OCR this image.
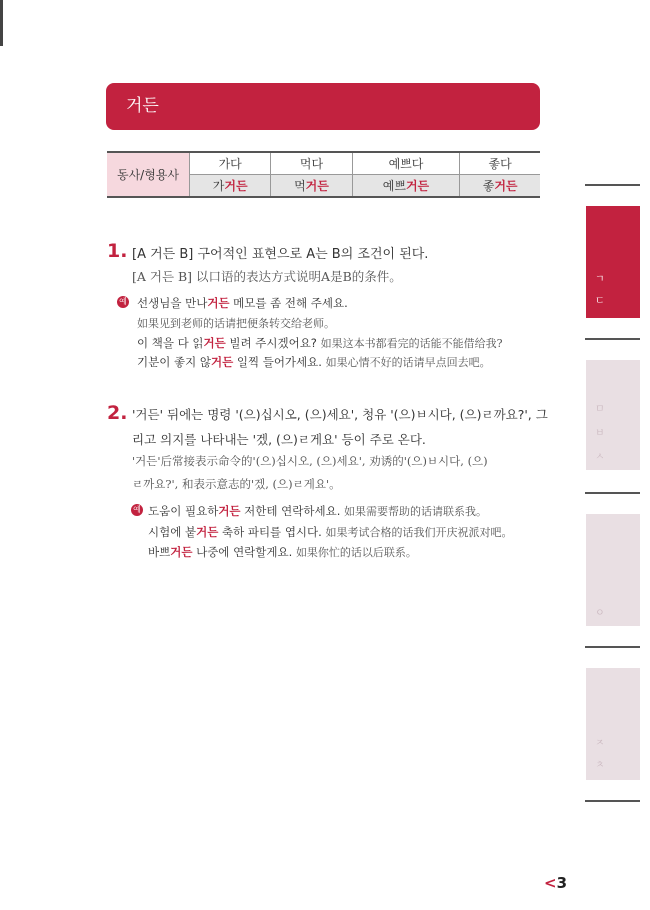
거든
동사/형용사	가다	먹다	예쁘다	좋다
	가거든	먹거든	예쁘거든	좋거든
1. [A 거든 B] 구어적인 표현으로 A는 B의 조건이 된다.
[A 거든 B] 以口语的表达方式说明A是B的条件。
예 선생님을 만나거든 메모를 좀 전해 주세요.
如果见到老师的话请把便条转交给老师。
이 책을 다 읽거든 빌려 주시겠어요? 如果这本书都看完的话能不能借给我?
기분이 좋지 않거든 일찍 들어가세요. 如果心情不好的话请早点回去吧。
2. '거든' 뒤에는 명령 '(으)십시오, (으)세요', 청유 '(으)ㅂ시다, (으)ㄹ까요?', 그
리고 의지를 나타내는 '겠, (으)ㄹ게요' 등이 주로 온다.
'거든'后常接表示命令的'(으)십시오, (으)세요', 劝诱的'(으)ㅂ시다, (으)
ㄹ까요?', 和表示意志的'겠, (으)ㄹ게요'。
예 도움이 필요하거든 저한테 연락하세요. 如果需要帮助的话请联系我。
시험에 붙거든 축하 파티를 엽시다. 如果考试合格的话我们开庆祝派对吧。
바쁘거든 나중에 연락할게요. 如果你忙的话以后联系。
ㄱ
ㄷ
ㅁ
ㅂ
ㅅ
ㅇ
ㅈ
ㅊ
<3
